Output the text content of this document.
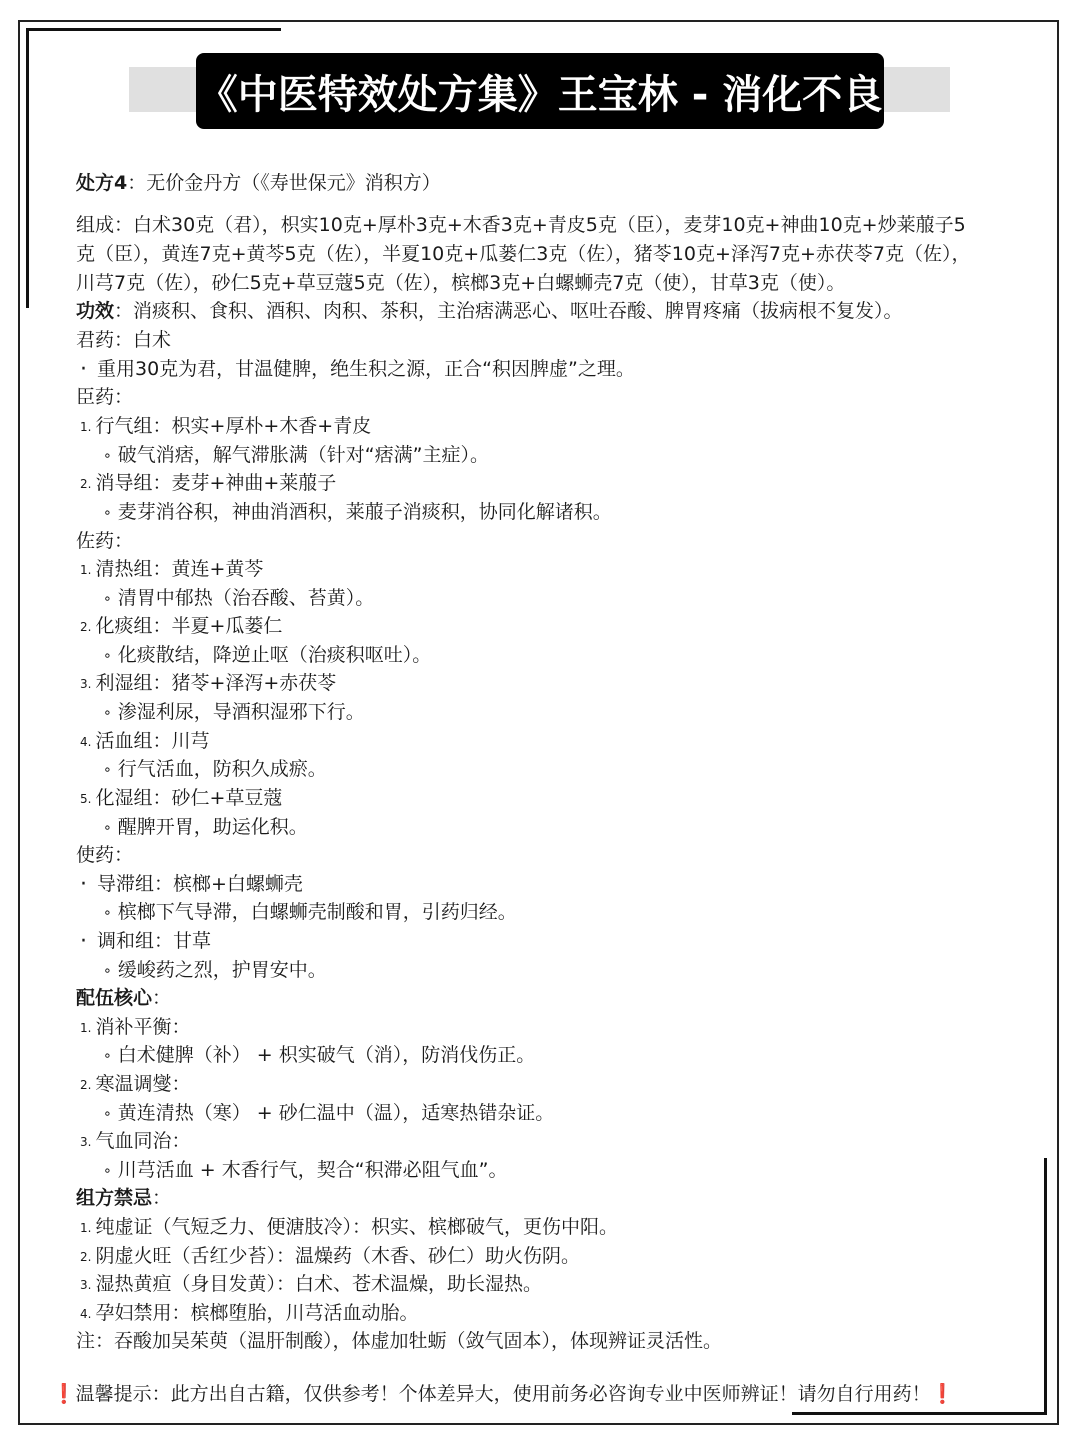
《中医特效处方集》王宝林 - 消化不良
处方4：无价金丹方（《寿世保元》消积方）
组成：白术30克（君），枳实10克+厚朴3克+木香3克+青皮5克（臣），麦芽10克+神曲10克+炒莱菔子5
克（臣），黄连7克+黄芩5克（佐），半夏10克+瓜蒌仁3克（佐），猪苓10克+泽泻7克+赤茯苓7克（佐），
川芎7克（佐），砂仁5克+草豆蔻5克（佐），槟榔3克+白螺蛳壳7克（使），甘草3克（使）。
功效：消痰积、食积、酒积、肉积、茶积，主治痞满恶心、呕吐吞酸、脾胃疼痛（拔病根不复发）。
君药：白术
· 重用30克为君，甘温健脾，绝生积之源，正合“积因脾虚”之理。
臣药：
1. 行气组：枳实+厚朴+木香+青皮
∘ 破气消痞，解气滞胀满（针对“痞满”主症）。
2. 消导组：麦芽+神曲+莱菔子
∘ 麦芽消谷积，神曲消酒积，莱菔子消痰积，协同化解诸积。
佐药：
1. 清热组：黄连+黄芩
∘ 清胃中郁热（治吞酸、苔黄）。
2. 化痰组：半夏+瓜蒌仁
∘ 化痰散结，降逆止呕（治痰积呕吐）。
3. 利湿组：猪苓+泽泻+赤茯苓
∘ 渗湿利尿，导酒积湿邪下行。
4. 活血组：川芎
∘ 行气活血，防积久成瘀。
5. 化湿组：砂仁+草豆蔻
∘ 醒脾开胃，助运化积。
使药：
· 导滞组：槟榔+白螺蛳壳
∘ 槟榔下气导滞，白螺蛳壳制酸和胃，引药归经。
· 调和组：甘草
∘ 缓峻药之烈，护胃安中。
配伍核心：
1. 消补平衡：
∘ 白术健脾（补） + 枳实破气（消），防消伐伤正。
2. 寒温调燮：
∘ 黄连清热（寒） + 砂仁温中（温），适寒热错杂证。
3. 气血同治：
∘ 川芎活血 + 木香行气，契合“积滞必阻气血”。
组方禁忌：
1. 纯虚证（气短乏力、便溏肢冷）：枳实、槟榔破气，更伤中阳。
2. 阴虚火旺（舌红少苔）：温燥药（木香、砂仁）助火伤阴。
3. 湿热黄疸（身目发黄）：白术、苍术温燥，助长湿热。
4. 孕妇禁用：槟榔堕胎，川芎活血动胎。
注：吞酸加吴茱萸（温肝制酸），体虚加牡蛎（敛气固本），体现辨证灵活性。
❗温馨提示：此方出自古籍，仅供参考！个体差异大，使用前务必咨询专业中医师辨证！请勿自行用药！❗
